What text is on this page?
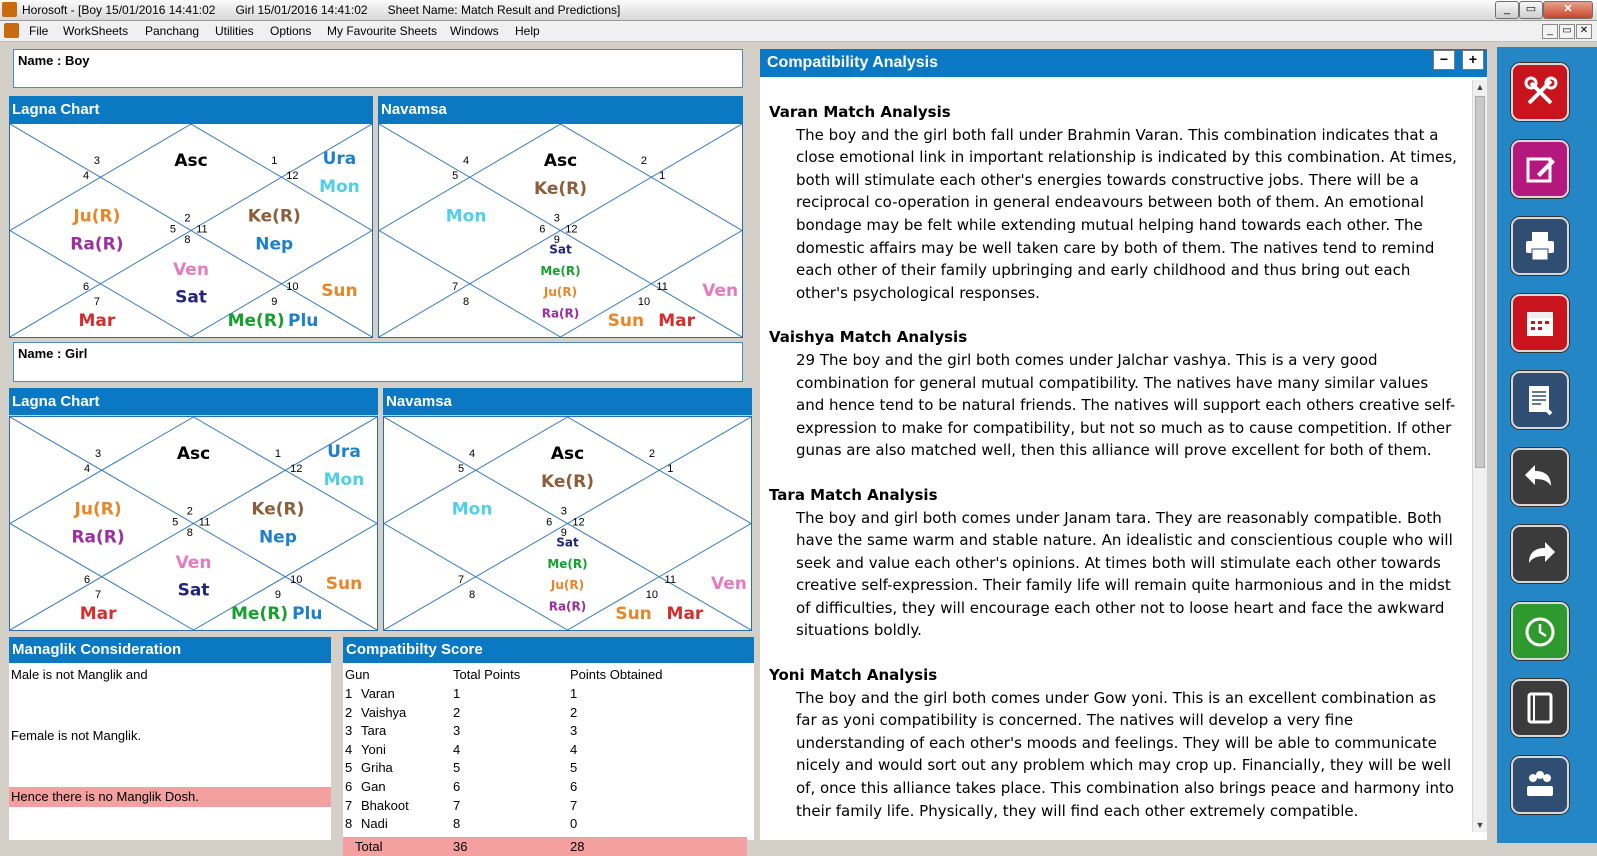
Horosoft - [Boy 15/01/2016 14:41:02      Girl 15/01/2016 14:41:02      Sheet Name: Match Result and Predictions]	_	▭	✕
File WorkSheets Panchang Utilities Options My Favourite Sheets Windows Help	_ ▭ ✕
Name : Boy
Lagna Chart	Navamsa
3
4
1
12
2
5 11
8
6
7
10
9
Asc	Ura
Mon
Ju(R)
Ra(R)
Ke(R)
Nep
Ven
Sat	Sun
Mar	Me(R) Plu
4
5
2
1
3
6 12
9
7
8
11
10
Asc
Ke(R)
Mon
Sat
Me(R)
Ju(R)
Ra(R)
Ven
Sun Mar
Name : Girl
Lagna Chart	Navamsa
3
4
1
12
2
5 11
8
6
7
10
9
Asc	Ura
Mon
Ju(R)
Ra(R)
Ke(R)
Nep
Ven
Sat	Sun
Mar	Me(R) Plu
4
5
2
1
3
6 12
9
7
8
11
10
Asc
Ke(R)
Mon
Sat
Me(R)
Ju(R)
Ra(R)
Ven
Sun Mar
Managlik Consideration
Male is not Manglik and
Female is not Manglik.
Hence there is no Manglik Dosh.
Compatibilty Score
Gun	Total Points	Points Obtained
1 Varan	1	1
2 Vaishya	2	2
3 Tara	3	3
4 Yoni	4	4
5 Griha	5	5
6 Gan	6	6
7 Bhakoot	7	7
8 Nadi	8	0
Total	36	28
Compatibility Analysis	−	+
Varan Match Analysis
The boy and the girl both fall under Brahmin Varan. This combination indicates that a close emotional link in important relationship is indicated by this combination. At times, both will stimulate each other's energies towards constructive jobs. There will be a reciprocal co-operation in general endeavours between both of them. An emotional bondage may be felt while extending mutual helping hand towards each other. The domestic affairs may be well taken care by both of them. The natives tend to remind each other of their family upbringing and early childhood and thus bring out each other's psychological responses.
Vaishya Match Analysis
29 The boy and the girl both comes under Jalchar vashya. This is a very good combination for general mutual compatibility. The natives have many similar values and hence tend to be natural friends. The natives will support each others creative self-expression to make for compatibility, but not so much as to cause competition. If other gunas are also matched well, then this alliance will prove excellent for both of them.
Tara Match Analysis
The boy and girl both comes under Janam tara. They are reasonably compatible. Both have the same warm and stable nature. An idealistic and conscientious couple who will seek and value each other's opinions. At times both will stimulate each other towards creative self-expression. Their family life will remain quite harmonious and in the midst of difficulties, they will encourage each other not to loose heart and face the awkward situations boldly.
Yoni Match Analysis
The boy and the girl both comes under Gow yoni. This is an excellent combination as far as yoni compatibility is concerned. The natives will develop a very fine understanding of each other's moods and feelings. They will be able to communicate nicely and would sort out any problem which may crop up. Financially, they will be well of, once this alliance takes place. This combination also brings peace and harmony into their family life. Physically, they will find each other extremely compatible.
▲
▼
